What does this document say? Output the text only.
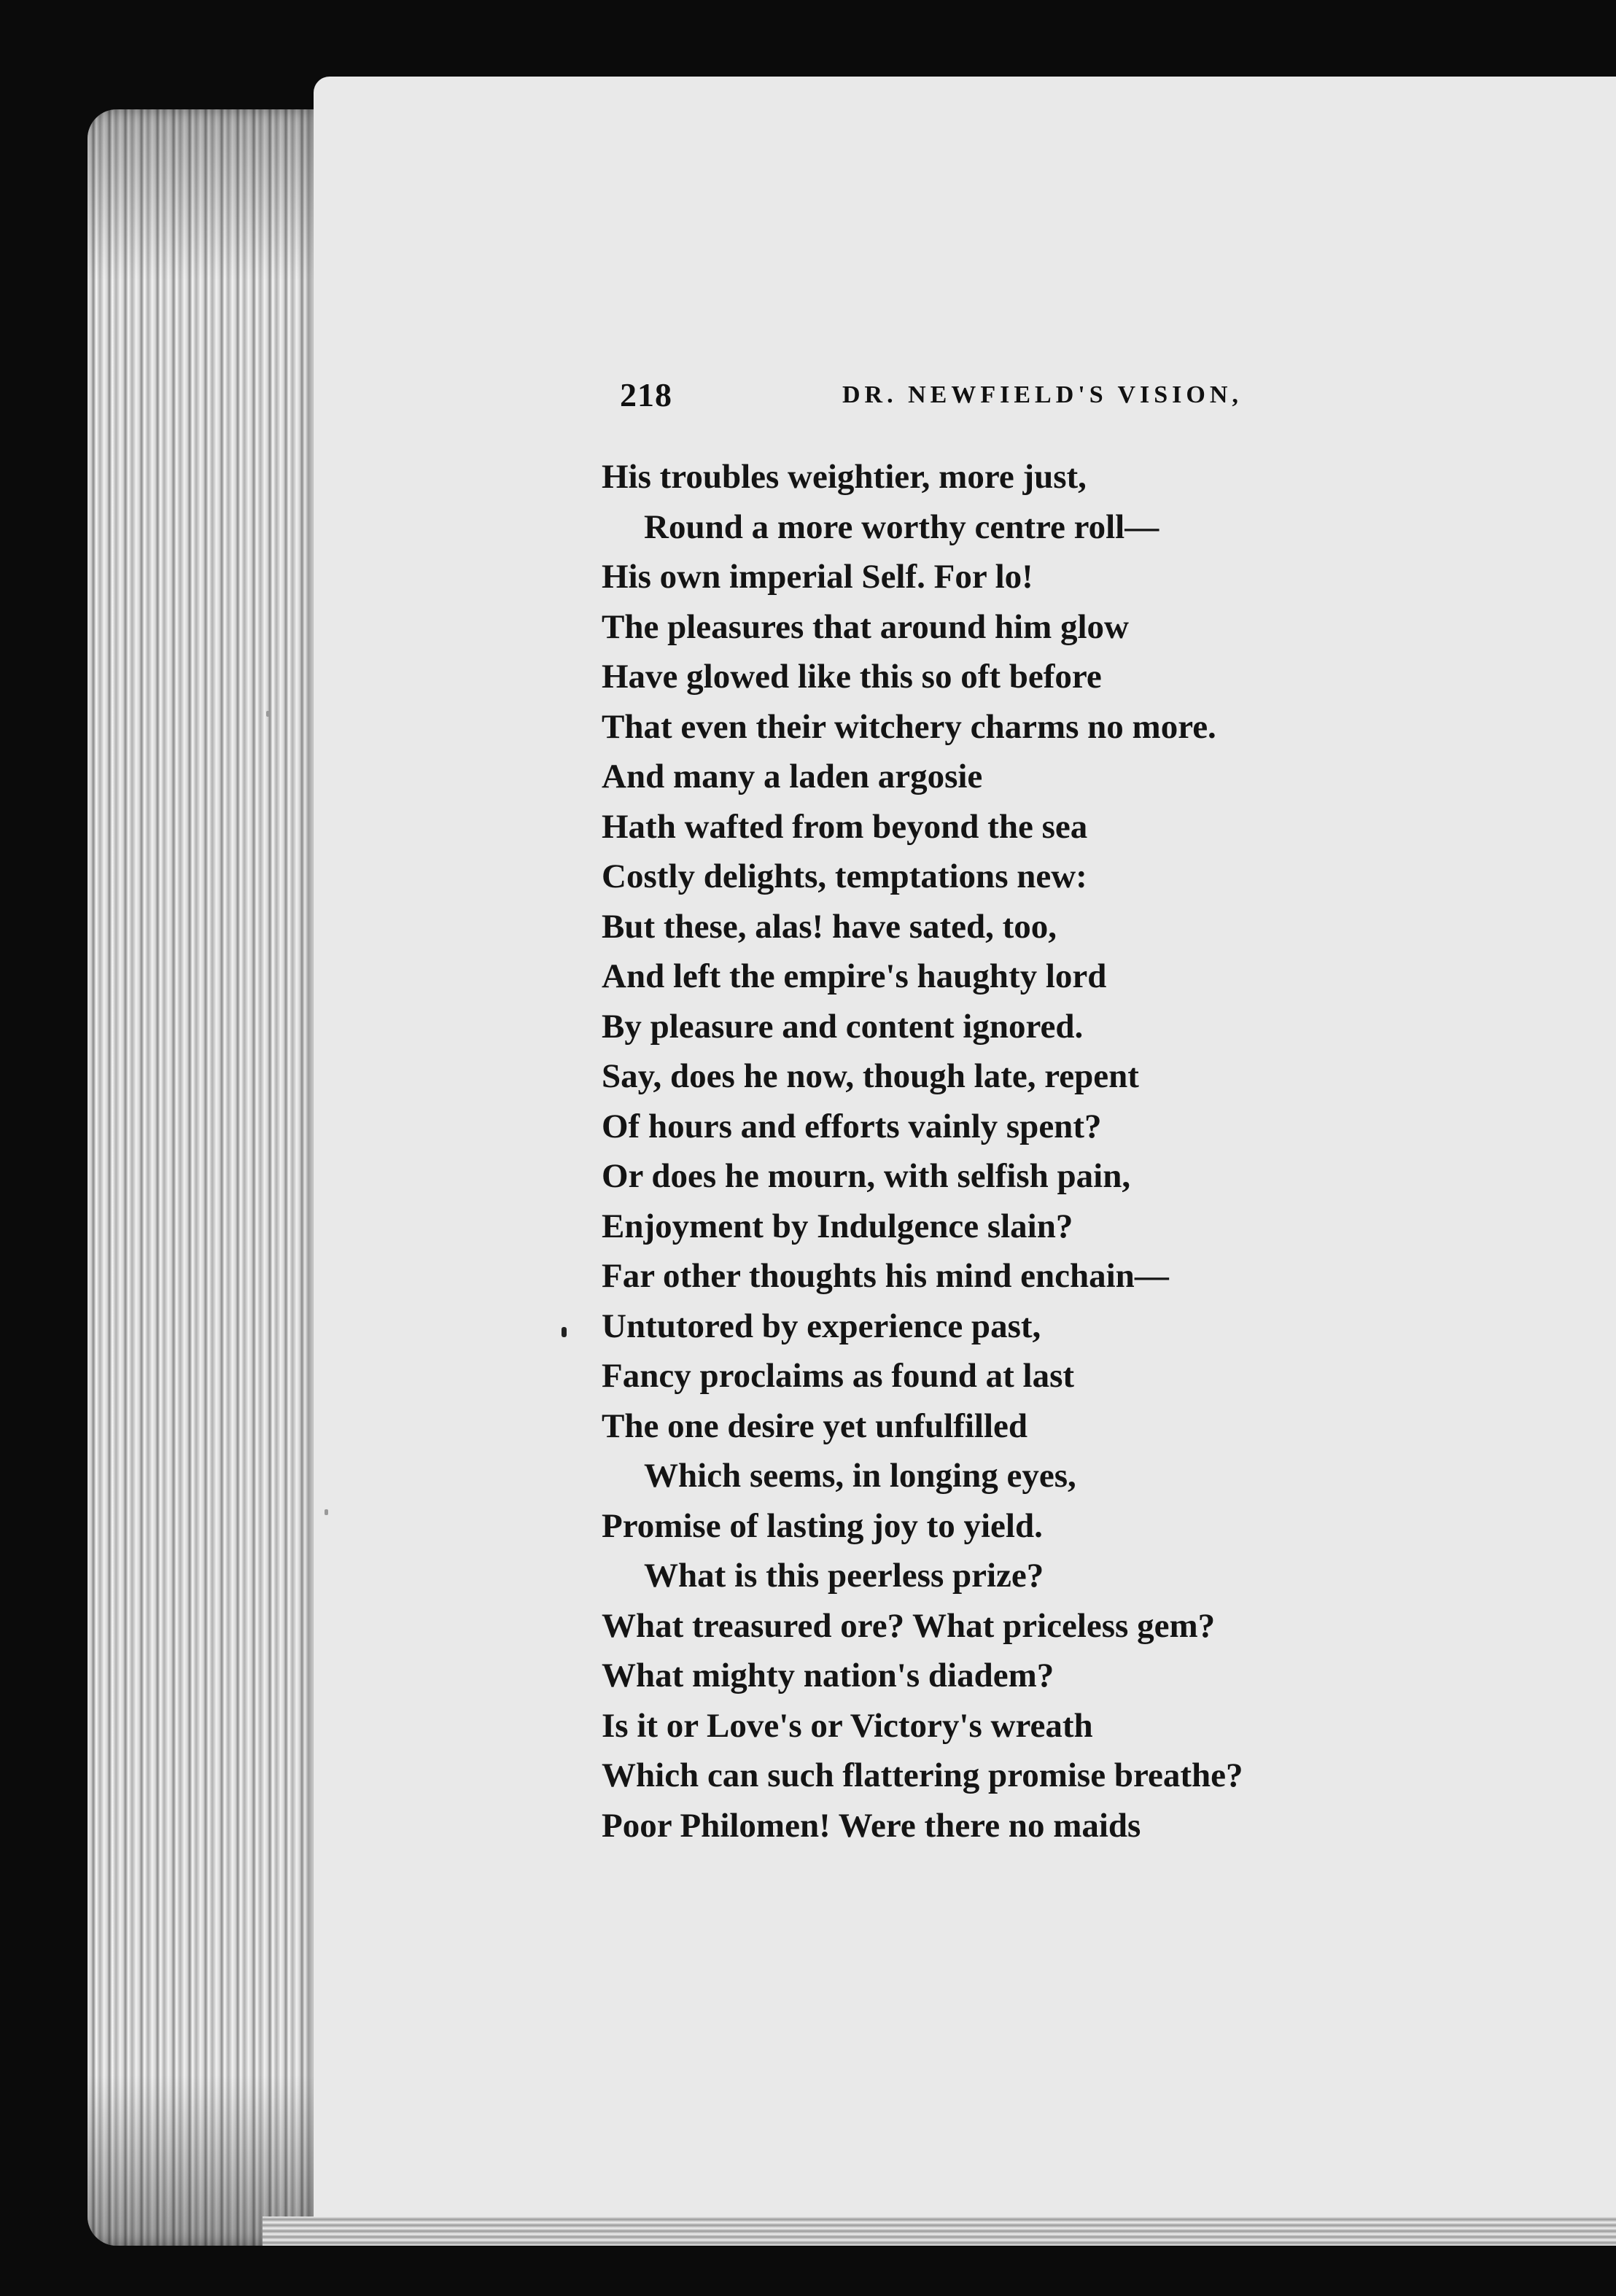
218	DR. NEWFIELD'S VISION,
His troubles weightier, more just,
Round a more worthy centre roll—
His own imperial Self. For lo!
The pleasures that around him glow
Have glowed like this so oft before
That even their witchery charms no more.
And many a laden argosie
Hath wafted from beyond the sea
Costly delights, temptations new:
But these, alas! have sated, too,
And left the empire's haughty lord
By pleasure and content ignored.
Say, does he now, though late, repent
Of hours and efforts vainly spent?
Or does he mourn, with selfish pain,
Enjoyment by Indulgence slain?
Far other thoughts his mind enchain—
Untutored by experience past,
Fancy proclaims as found at last
The one desire yet unfulfilled
Which seems, in longing eyes,
Promise of lasting joy to yield.
What is this peerless prize?
What treasured ore? What priceless gem?
What mighty nation's diadem?
Is it or Love's or Victory's wreath
Which can such flattering promise breathe?
Poor Philomen! Were there no maids
